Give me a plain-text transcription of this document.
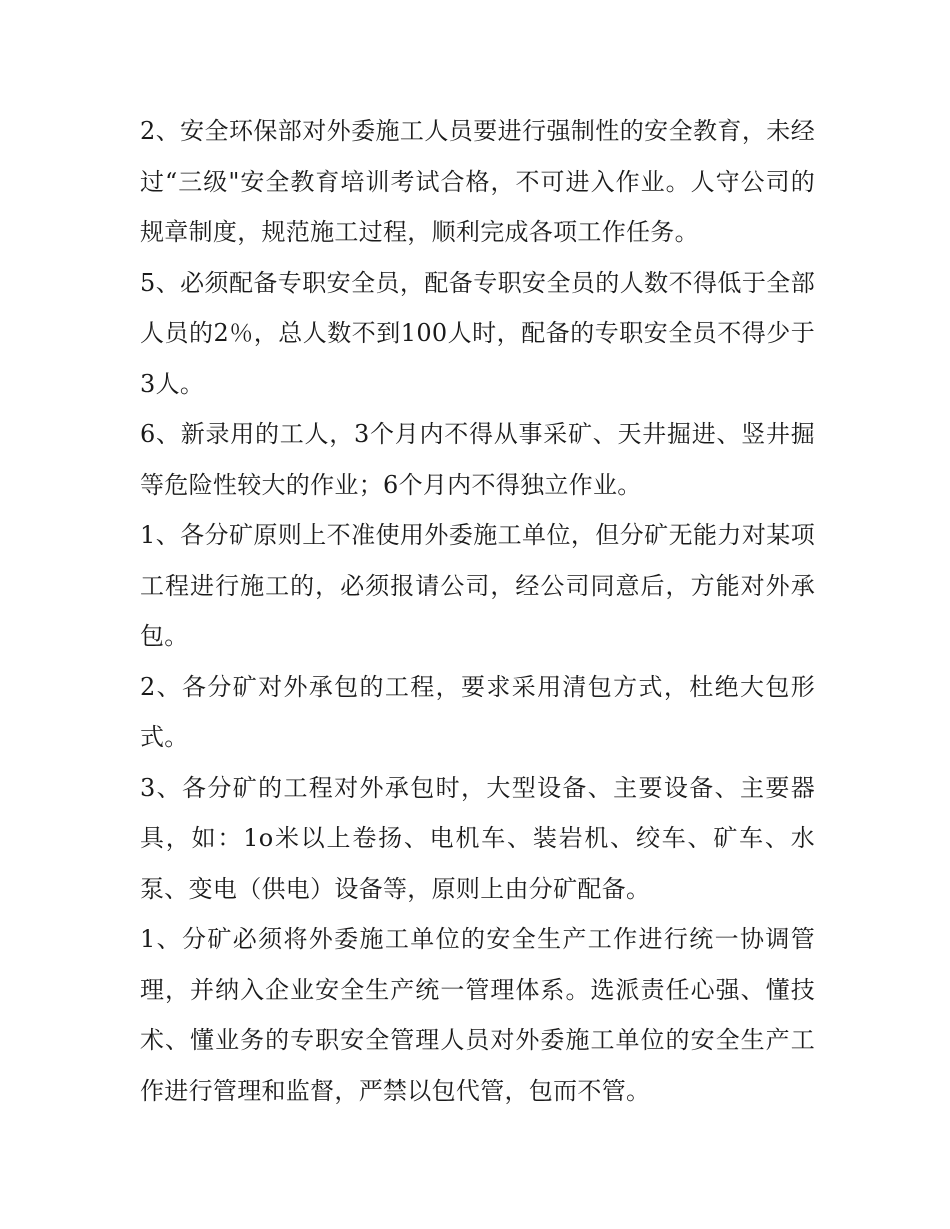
2、安全环保部对外委施工人员要进行强制性的安全教育，未经过“三级"安全教育培训考试合格，不可进入作业。人守公司的规章制度，规范施工过程，顺利完成各项工作任务。

5、必须配备专职安全员，配备专职安全员的人数不得低于全部人员的2％，总人数不到100人时，配备的专职安全员不得少于3人。

6、新录用的工人，3个月内不得从事采矿、天井掘进、竖井掘等危险性较大的作业；6个月内不得独立作业。

1、各分矿原则上不准使用外委施工单位，但分矿无能力对某项工程进行施工的，必须报请公司，经公司同意后，方能对外承包。

2、各分矿对外承包的工程，要求采用清包方式，杜绝大包形式。

3、各分矿的工程对外承包时，大型设备、主要设备、主要器具，如：1o米以上卷扬、电机车、装岩机、绞车、矿车、水泵、变电（供电）设备等，原则上由分矿配备。

1、分矿必须将外委施工单位的安全生产工作进行统一协调管理，并纳入企业安全生产统一管理体系。选派责任心强、懂技术、懂业务的专职安全管理人员对外委施工单位的安全生产工作进行管理和监督，严禁以包代管，包而不管。
